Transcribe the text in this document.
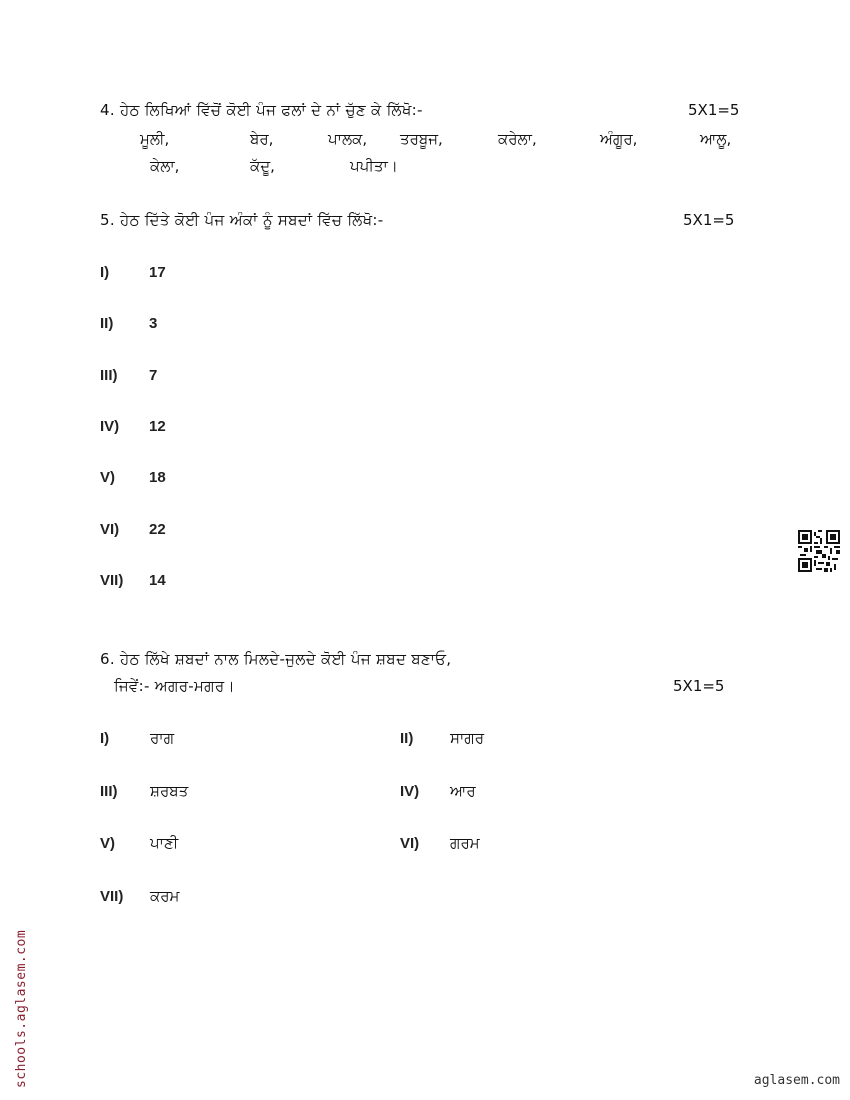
4. ਹੇਠ ਲਿਖਿਆਂ ਵਿੱਚੋਂ ਕੋਈ ਪੰਜ ਫਲਾਂ ਦੇ ਨਾਂ ਚੁੱਣ ਕੇ ਲਿੱਖੋ:-	5X1=5
ਮੂਲੀ,	ਬੇਰ,	ਪਾਲਕ, ਤਰਬੂਜ,	ਕਰੇਲਾ,	ਅੰਗੂਰ,	ਆਲੂ,
ਕੇਲਾ,	ਕੱਦੂ,	ਪਪੀਤਾ।
5. ਹੇਠ ਦਿੱਤੇ ਕੋਈ ਪੰਜ ਅੰਕਾਂ ਨੂੰ ਸਬਦਾਂ ਵਿੱਚ ਲਿੱਖੋ:-	5X1=5
I)	17
II) 3
III) 7
IV) 12
V) 18
VI) 22
VII) 14
6. ਹੇਠ ਲਿੱਖੇ ਸ਼ਬਦਾਂ ਨਾਲ ਮਿਲਦੇ-ਜੁਲਦੇ ਕੋਈ ਪੰਜ ਸ਼ਬਦ ਬਣਾਓ,
ਜਿਵੇਂ:- ਅਗਰ-ਮਗਰ।	5X1=5
I)	ਰਾਗ	II) ਸਾਗਰ
III) ਸ਼ਰਬਤ	IV) ਆਰ
V) ਪਾਣੀ	VI) ਗਰਮ
VII) ਕਰਮ
schools.aglasem.com	aglasem.com
